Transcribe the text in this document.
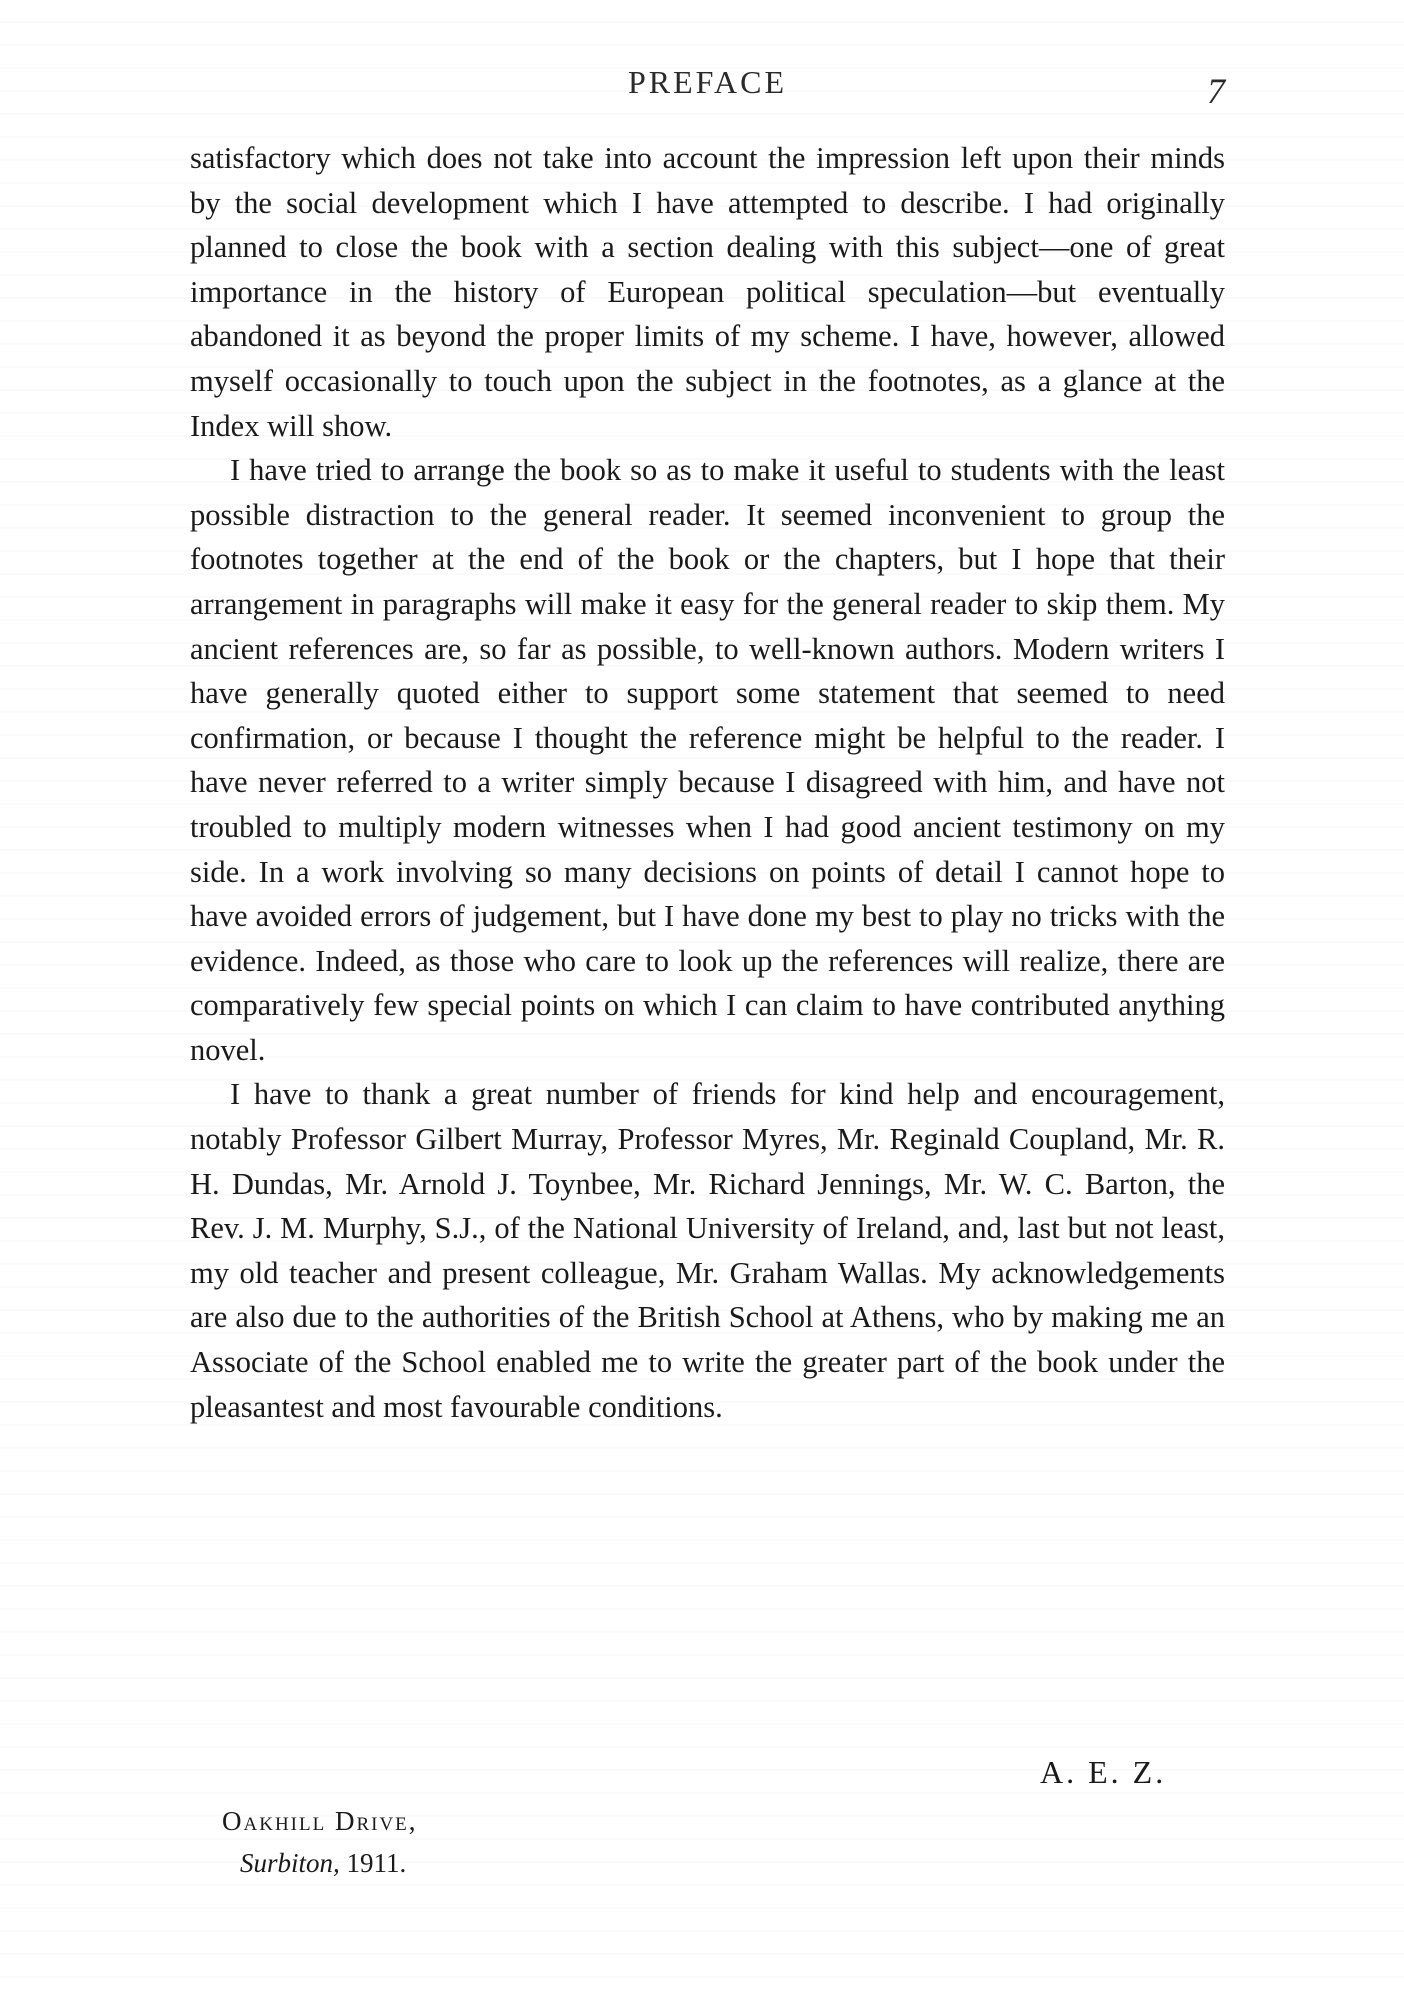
PREFACE	7

satisfactory which does not take into account the impression left upon their minds by the social development which I have attempted to describe. I had originally planned to close the book with a section dealing with this subject—one of great importance in the history of European political speculation—but eventually abandoned it as beyond the proper limits of my scheme. I have, however, allowed myself occasionally to touch upon the subject in the footnotes, as a glance at the Index will show.

I have tried to arrange the book so as to make it useful to students with the least possible distraction to the general reader. It seemed inconvenient to group the footnotes together at the end of the book or the chapters, but I hope that their arrangement in paragraphs will make it easy for the general reader to skip them. My ancient references are, so far as possible, to well-known authors. Modern writers I have generally quoted either to support some statement that seemed to need confirmation, or because I thought the reference might be helpful to the reader. I have never referred to a writer simply because I disagreed with him, and have not troubled to multiply modern witnesses when I had good ancient testimony on my side. In a work involving so many decisions on points of detail I cannot hope to have avoided errors of judgement, but I have done my best to play no tricks with the evidence. Indeed, as those who care to look up the references will realize, there are comparatively few special points on which I can claim to have contributed anything novel.

I have to thank a great number of friends for kind help and encouragement, notably Professor Gilbert Murray, Professor Myres, Mr. Reginald Coupland, Mr. R. H. Dundas, Mr. Arnold J. Toynbee, Mr. Richard Jennings, Mr. W. C. Barton, the Rev. J. M. Murphy, S.J., of the National University of Ireland, and, last but not least, my old teacher and present colleague, Mr. Graham Wallas. My acknowledgements are also due to the authorities of the British School at Athens, who by making me an Associate of the School enabled me to write the greater part of the book under the pleasantest and most favourable conditions.

A. E. Z.
Oakhill Drive,
Surbiton, 1911.
